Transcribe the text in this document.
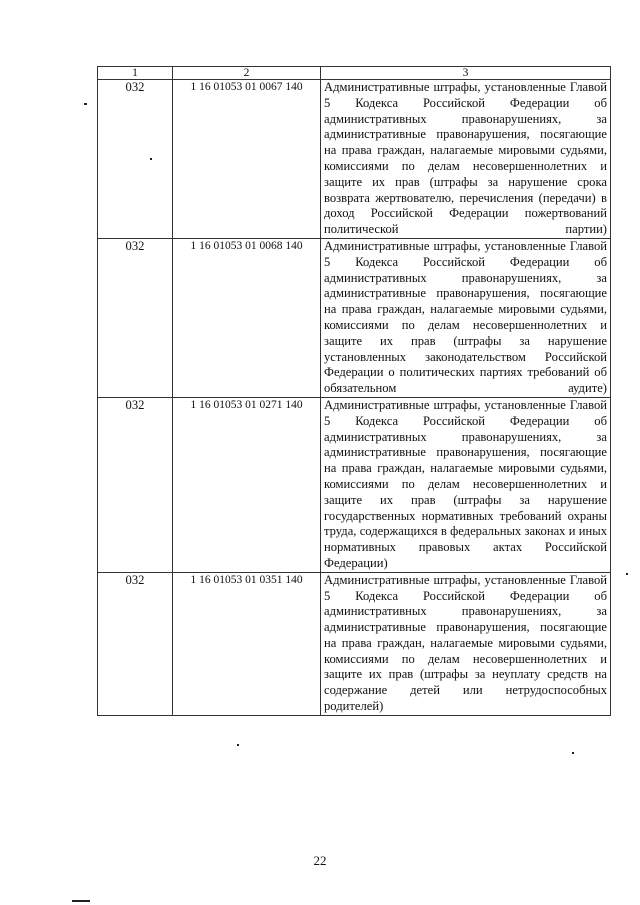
1	2	3
032	1 16 01053 01 0067 140	Административные штрафы, установленные Главой 5 Кодекса Российской Федерации об административных правонарушениях, за административные правонарушения, посягающие на права граждан, налагаемые мировыми судьями, комиссиями по делам несовершеннолетних и защите их прав (штрафы за нарушение срока возврата жертвователю, перечисления (передачи) в доход Российской Федерации пожертвований политической партии)
032	1 16 01053 01 0068 140	Административные штрафы, установленные Главой 5 Кодекса Российской Федерации об административных правонарушениях, за административные правонарушения, посягающие на права граждан, налагаемые мировыми судьями, комиссиями по делам несовершеннолетних и защите их прав (штрафы за нарушение установленных законодательством Российской Федерации о политических партиях требований об обязательном аудите)
032	1 16 01053 01 0271 140	Административные штрафы, установленные Главой 5 Кодекса Российской Федерации об административных правонарушениях, за административные правонарушения, посягающие на права граждан, налагаемые мировыми судьями, комиссиями по делам несовершеннолетних и защите их прав (штрафы за нарушение государственных нормативных требований охраны труда, содержащихся в федеральных законах и иных нормативных правовых актах Российской Федерации)
032	1 16 01053 01 0351 140	Административные штрафы, установленные Главой 5 Кодекса Российской Федерации об административных правонарушениях, за административные правонарушения, посягающие на права граждан, налагаемые мировыми судьями, комиссиями по делам несовершеннолетних и защите их прав (штрафы за неуплату средств на содержание детей или нетрудоспособных родителей)
22
